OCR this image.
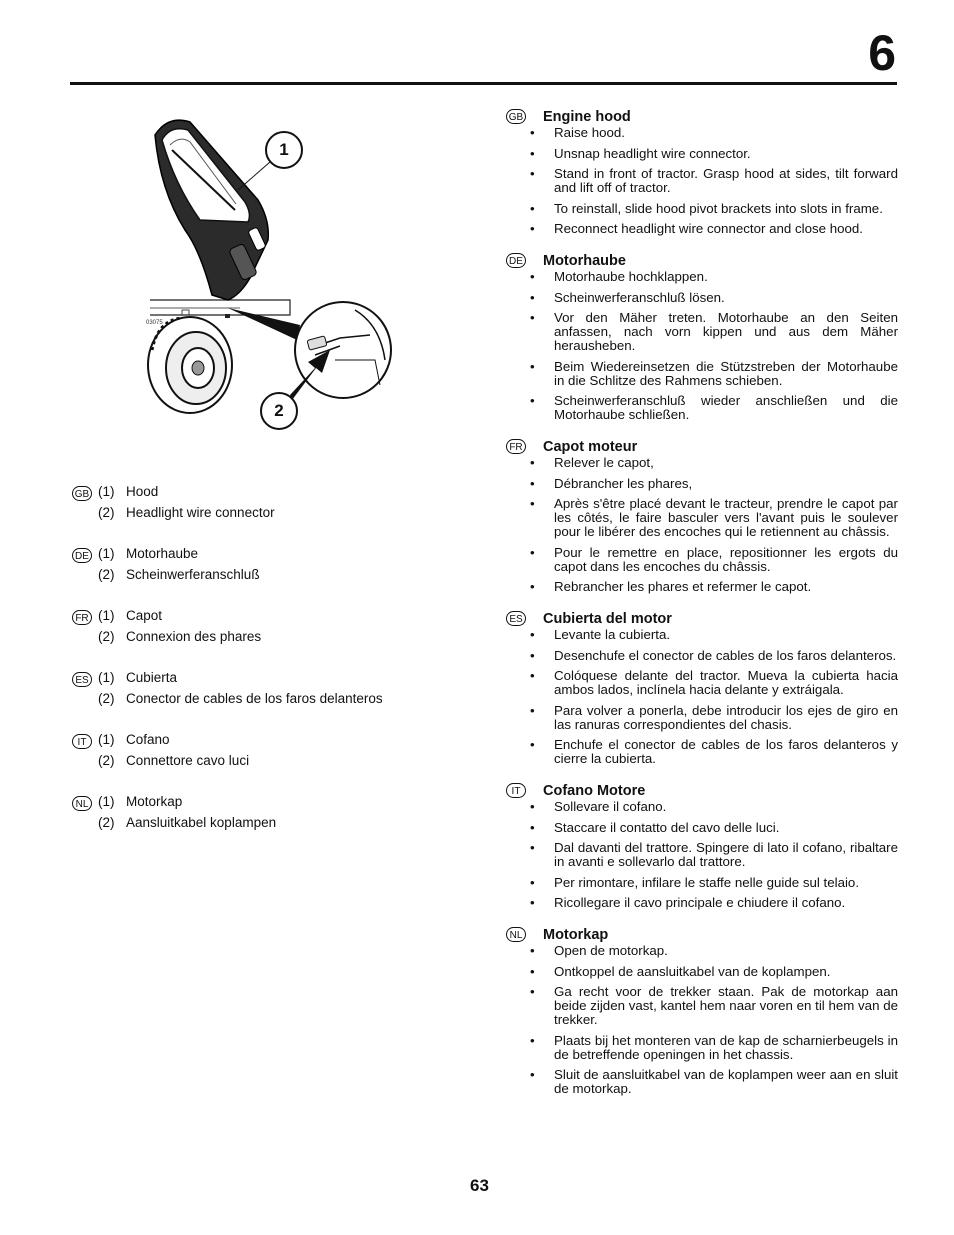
6
03075
1
2
GB (1) Hood
(2) Headlight wire connector
DE (1) Motorhaube
(2) Scheinwerferanschluß
FR (1) Capot
(2) Connexion des phares
ES (1) Cubierta
(2) Conector de cables de los faros delanteros
IT (1) Cofano
(2) Connettore cavo luci
NL (1) Motorkap
(2) Aansluitkabel koplampen
GB Engine hood
• Raise hood.
• Unsnap headlight wire connector.
• Stand in front of tractor. Grasp hood at sides, tilt forward and lift off of tractor.
• To reinstall, slide hood pivot brackets into slots in frame.
• Reconnect headlight wire connector and close hood.
DE Motorhaube
• Motorhaube hochklappen.
• Scheinwerferanschluß lösen.
• Vor den Mäher treten. Motorhaube an den Seiten anfassen, nach vorn kippen und aus dem Mäher herausheben.
• Beim Wiedereinsetzen die Stützstreben der Motorhaube in die Schlitze des Rahmens schieben.
• Scheinwerferanschluß wieder anschließen und die Motorhaube schließen.
FR Capot moteur
• Relever le capot,
• Débrancher les phares,
• Après s'être placé devant le tracteur, prendre le capot par les côtés, le faire basculer vers l'avant puis le soulever pour le libérer des encoches qui le retiennent au châssis.
• Pour le remettre en place, repositionner les ergots du capot dans les encoches du châssis.
• Rebrancher les phares et refermer le capot.
ES Cubierta del motor
• Levante la cubierta.
• Desenchufe el conector de cables de los faros delanteros.
• Colóquese delante del tractor. Mueva la cubierta hacia ambos lados, inclínela hacia delante y extráigala.
• Para volver a ponerla, debe introducir los ejes de giro en las ranuras correspondientes del chasis.
• Enchufe el conector de cables de los faros delanteros y cierre la cubierta.
IT	Cofano Motore
• Sollevare il cofano.
• Staccare il contatto del cavo delle luci.
• Dal davanti del trattore. Spingere di lato il cofano, ribaltare in avanti e sollevarlo dal trattore.
• Per rimontare, infilare le staffe nelle guide sul telaio.
• Ricollegare il cavo principale e chiudere il cofano.
NL Motorkap
• Open de motorkap.
• Ontkoppel de aansluitkabel van de koplampen.
• Ga recht voor de trekker staan. Pak de motorkap aan beide zijden vast, kantel hem naar voren en til hem van de trekker.
• Plaats bij het monteren van de kap de scharnierbeugels in de betreffende openingen in het chassis.
• Sluit de aansluitkabel van de koplampen weer aan en sluit de motorkap.
63
